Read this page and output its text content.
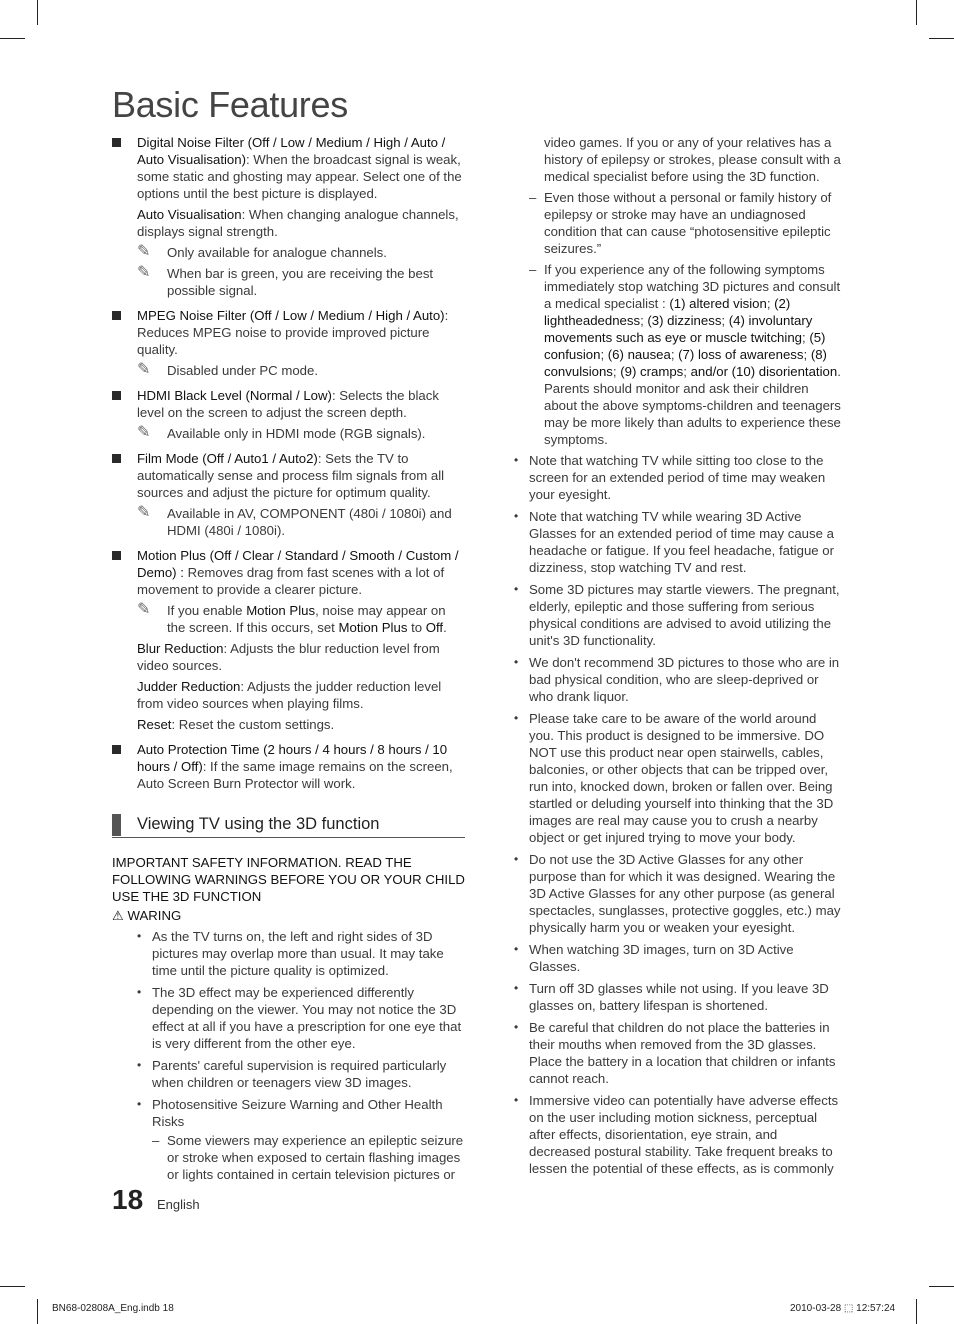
Basic Features

Digital Noise Filter (Off / Low / Medium / High / Auto / Auto Visualisation): When the broadcast signal is weak, some static and ghosting may appear. Select one of the options until the best picture is displayed.

Auto Visualisation: When changing analogue channels, displays signal strength.

✎ Only available for analogue channels.
✎ When bar is green, you are receiving the best possible signal.

MPEG Noise Filter (Off / Low / Medium / High / Auto): Reduces MPEG noise to provide improved picture quality.

✎ Disabled under PC mode.

HDMI Black Level (Normal / Low): Selects the black level on the screen to adjust the screen depth.

✎ Available only in HDMI mode (RGB signals).

Film Mode (Off / Auto1 / Auto2): Sets the TV to automatically sense and process film signals from all sources and adjust the picture for optimum quality.

✎ Available in AV, COMPONENT (480i / 1080i) and HDMI (480i / 1080i).

Motion Plus (Off / Clear / Standard / Smooth / Custom / Demo) : Removes drag from fast scenes with a lot of movement to provide a clearer picture.

✎ If you enable Motion Plus, noise may appear on the screen. If this occurs, set Motion Plus to Off.

Blur Reduction: Adjusts the blur reduction level from video sources.

Judder Reduction: Adjusts the judder reduction level from video sources when playing films.

Reset: Reset the custom settings.

Auto Protection Time (2 hours / 4 hours / 8 hours / 10 hours / Off): If the same image remains on the screen, Auto Screen Burn Protector will work.

Viewing TV using the 3D function

IMPORTANT SAFETY INFORMATION. READ THE FOLLOWING WARNINGS BEFORE YOU OR YOUR CHILD USE THE 3D FUNCTION

⚠ WARING

• As the TV turns on, the left and right sides of 3D pictures may overlap more than usual. It may take time until the picture quality is optimized.
• The 3D effect may be experienced differently depending on the viewer. You may not notice the 3D effect at all if you have a prescription for one eye that is very different from the other eye.
• Parents' careful supervision is required particularly when children or teenagers view 3D images.
• Photosensitive Seizure Warning and Other Health Risks
– Some viewers may experience an epileptic seizure or stroke when exposed to certain flashing images or lights contained in certain television pictures or

video games. If you or any of your relatives has a history of epilepsy or strokes, please consult with a medical specialist before using the 3D function.

– Even those without a personal or family history of epilepsy or stroke may have an undiagnosed condition that can cause “photosensitive epileptic seizures.”
– If you experience any of the following symptoms immediately stop watching 3D pictures and consult a medical specialist : (1) altered vision; (2) lightheadedness; (3) dizziness; (4) involuntary movements such as eye or muscle twitching; (5) confusion; (6) nausea; (7) loss of awareness; (8) convulsions; (9) cramps; and/or (10) disorientation. Parents should monitor and ask their children about the above symptoms-children and teenagers may be more likely than adults to experience these symptoms.
• Note that watching TV while sitting too close to the screen for an extended period of time may weaken your eyesight.
• Note that watching TV while wearing 3D Active Glasses for an extended period of time may cause a headache or fatigue. If you feel headache, fatigue or dizziness, stop watching TV and rest.
• Some 3D pictures may startle viewers. The pregnant, elderly, epileptic and those suffering from serious physical conditions are advised to avoid utilizing the unit's 3D functionality.
• We don't recommend 3D pictures to those who are in bad physical condition, who are sleep-deprived or who drank liquor.
• Please take care to be aware of the world around you. This product is designed to be immersive. DO NOT use this product near open stairwells, cables, balconies, or other objects that can be tripped over, run into, knocked down, broken or fallen over. Being startled or deluding yourself into thinking that the 3D images are real may cause you to crush a nearby object or get injured trying to move your body.
• Do not use the 3D Active Glasses for any other purpose than for which it was designed. Wearing the 3D Active Glasses for any other purpose (as general spectacles, sunglasses, protective goggles, etc.) may physically harm you or weaken your eyesight.
• When watching 3D images, turn on 3D Active Glasses.
• Turn off 3D glasses while not using. If you leave 3D glasses on, battery lifespan is shortened.
• Be careful that children do not place the batteries in their mouths when removed from the 3D glasses. Place the battery in a location that children or infants cannot reach.
• Immersive video can potentially have adverse effects on the user including motion sickness, perceptual after effects, disorientation, eye strain, and decreased postural stability. Take frequent breaks to lessen the potential of these effects, as is commonly
18 English
BN68-02808A_Eng.indb 18	2010-03-28 ⬚ 12:57:24
